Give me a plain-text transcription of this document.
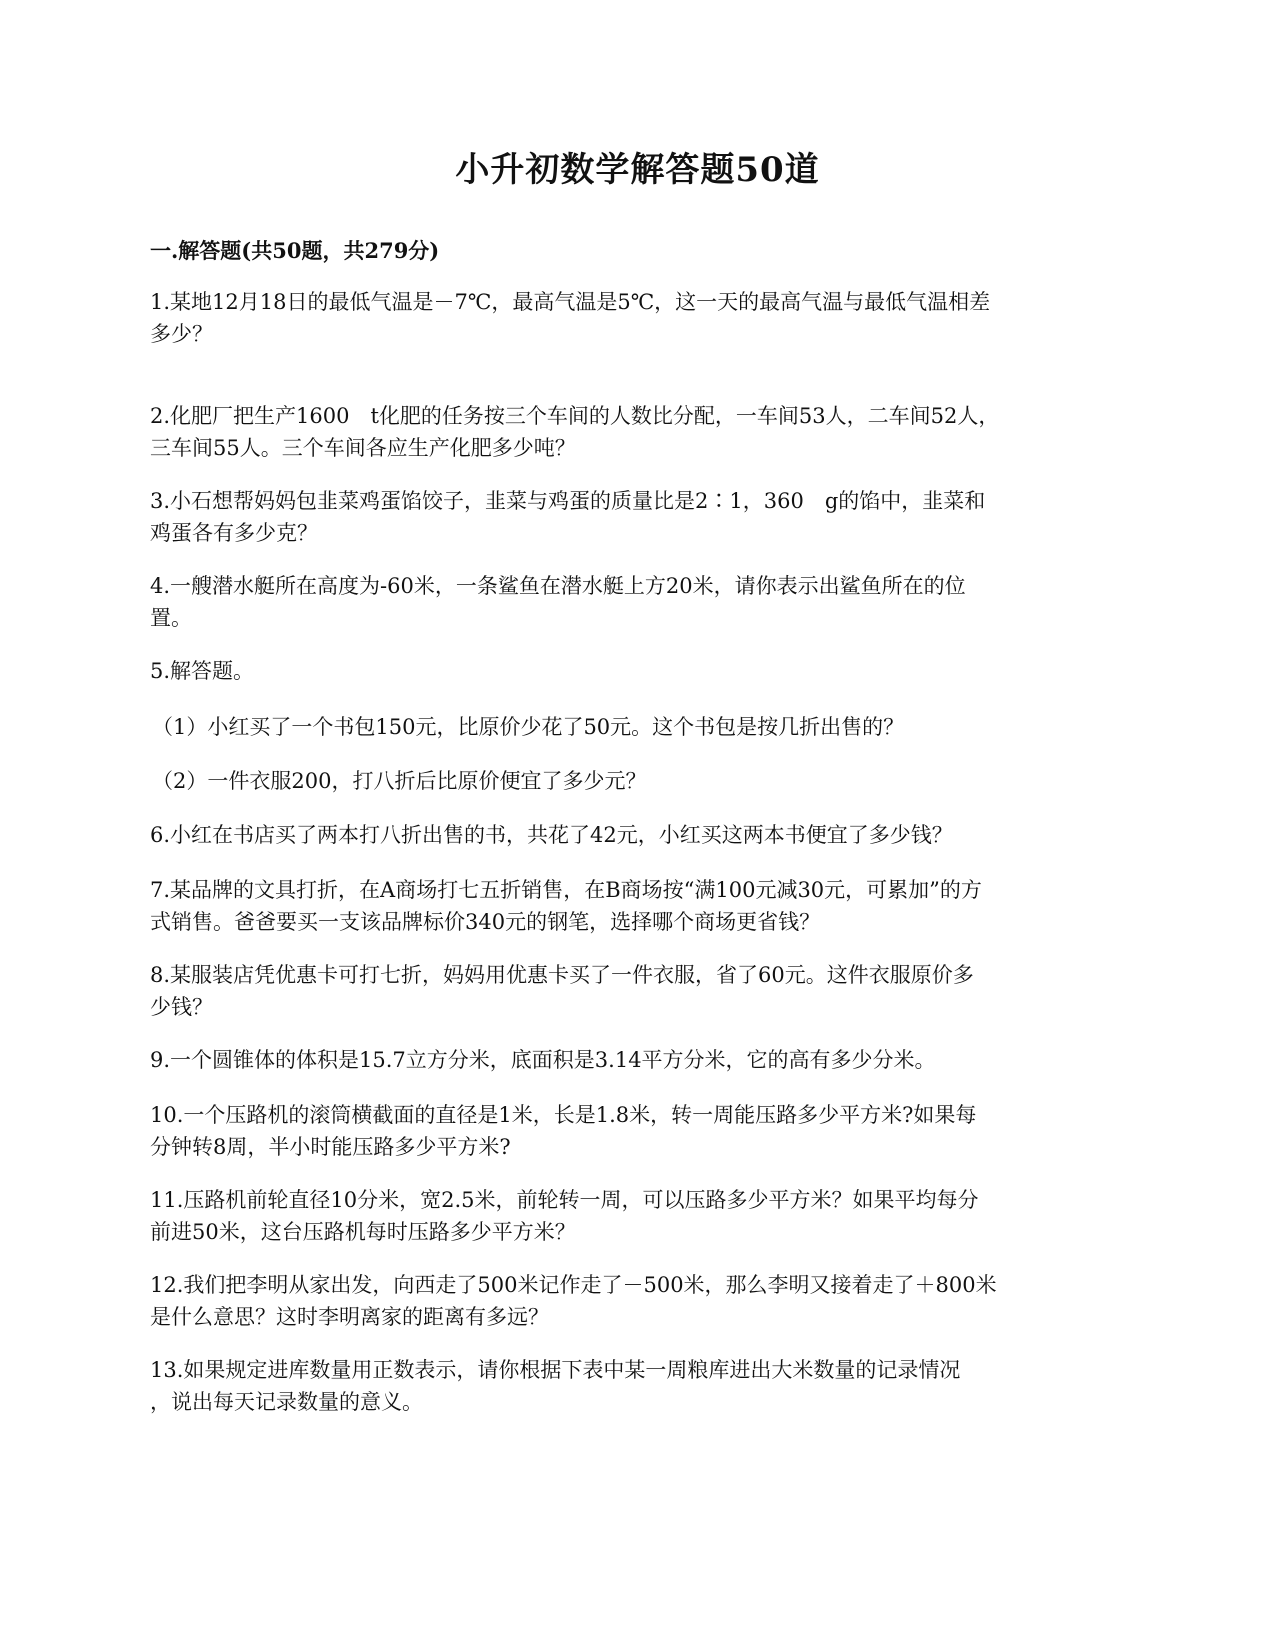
小升初数学解答题50道
一.解答题(共50题，共279分)
1.某地12月18日的最低气温是－7℃，最高气温是5℃，这一天的最高气温与最低气温相差
多少？
2.化肥厂把生产1600　t化肥的任务按三个车间的人数比分配，一车间53人，二车间52人，
三车间55人。三个车间各应生产化肥多少吨？
3.小石想帮妈妈包韭菜鸡蛋馅饺子，韭菜与鸡蛋的质量比是2∶1，360　g的馅中，韭菜和
鸡蛋各有多少克？
4.一艘潜水艇所在高度为-60米，一条鲨鱼在潜水艇上方20米，请你表示出鲨鱼所在的位
置。
5.解答题。
（1）小红买了一个书包150元，比原价少花了50元。这个书包是按几折出售的？
（2）一件衣服200，打八折后比原价便宜了多少元？
6.小红在书店买了两本打八折出售的书，共花了42元，小红买这两本书便宜了多少钱？
7.某品牌的文具打折，在A商场打七五折销售，在B商场按“满100元减30元，可累加”的方
式销售。爸爸要买一支该品牌标价340元的钢笔，选择哪个商场更省钱？
8.某服装店凭优惠卡可打七折，妈妈用优惠卡买了一件衣服，省了60元。这件衣服原价多
少钱？
9.一个圆锥体的体积是15.7立方分米，底面积是3.14平方分米，它的高有多少分米。
10.一个压路机的滚筒横截面的直径是1米，长是1.8米，转一周能压路多少平方米?如果每
分钟转8周，半小时能压路多少平方米?
11.压路机前轮直径10分米，宽2.5米，前轮转一周，可以压路多少平方米？如果平均每分
前进50米，这台压路机每时压路多少平方米？
12.我们把李明从家出发，向西走了500米记作走了－500米，那么李明又接着走了＋800米
是什么意思？这时李明离家的距离有多远？
13.如果规定进库数量用正数表示，请你根据下表中某一周粮库进出大米数量的记录情况
，说出每天记录数量的意义。
